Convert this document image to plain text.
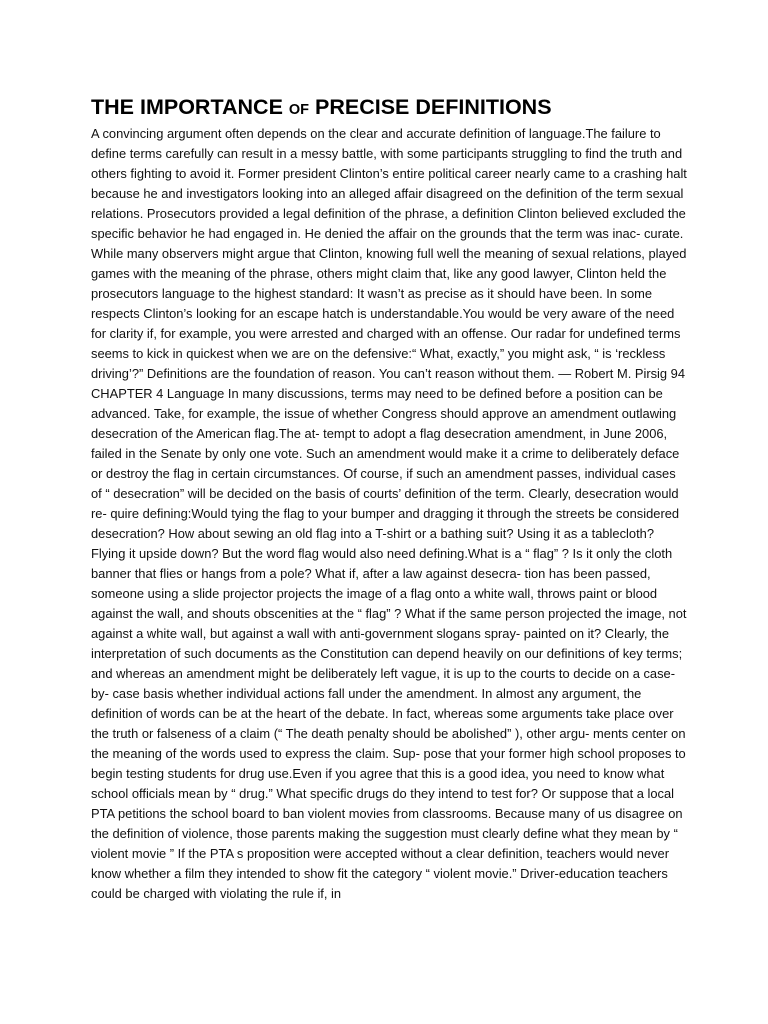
THE IMPORTANCE OF PRECISE DEFINITIONS

A convincing argument often depends on the clear and accurate definition of language.The failure to define terms carefully can result in a messy battle, with some participants struggling to find the truth and others fighting to avoid it. Former president Clinton’s entire political career nearly came to a crashing halt because he and investigators looking into an alleged affair disagreed on the definition of the term sexual relations. Prosecutors provided a legal definition of the phrase, a definition Clinton believed excluded the specific behavior he had engaged in. He denied the affair on the grounds that the term was inac- curate. While many observers might argue that Clinton, knowing full well the meaning of sexual relations, played games with the meaning of the phrase, others might claim that, like any good lawyer, Clinton held the prosecutors language to the highest standard: It wasn’t as precise as it should have been. In some respects Clinton’s looking for an escape hatch is understandable.You would be very aware of the need for clarity if, for example, you were arrested and charged with an offense. Our radar for undefined terms seems to kick in quickest when we are on the defensive:“ What, exactly,” you might ask, “ is ‘reckless driving’?” Definitions are the foundation of reason. You can’t reason without them. — Robert M. Pirsig 94 CHAPTER 4 Language In many discussions, terms may need to be defined before a position can be advanced. Take, for example, the issue of whether Congress should approve an amendment outlawing desecration of the American flag.The at- tempt to adopt a flag desecration amendment, in June 2006, failed in the Senate by only one vote. Such an amendment would make it a crime to deliberately deface or destroy the flag in certain circumstances. Of course, if such an amendment passes, individual cases of “ desecration” will be decided on the basis of courts’ definition of the term. Clearly, desecration would re- quire defining:Would tying the flag to your bumper and dragging it through the streets be considered desecration? How about sewing an old flag into a T-shirt or a bathing suit? Using it as a tablecloth? Flying it upside down? But the word flag would also need defining.What is a “ flag” ? Is it only the cloth banner that flies or hangs from a pole? What if, after a law against desecra- tion has been passed, someone using a slide projector projects the image of a flag onto a white wall, throws paint or blood against the wall, and shouts obscenities at the “ flag” ? What if the same person projected the image, not against a white wall, but against a wall with anti-government slogans spray- painted on it? Clearly, the interpretation of such documents as the Constitution can depend heavily on our definitions of key terms; and whereas an amendment might be deliberately left vague, it is up to the courts to decide on a case-by- case basis whether individual actions fall under the amendment. In almost any argument, the definition of words can be at the heart of the debate. In fact, whereas some arguments take place over the truth or falseness of a claim (“ The death penalty should be abolished” ), other argu- ments center on the meaning of the words used to express the claim. Sup- pose that your former high school proposes to begin testing students for drug use.Even if you agree that this is a good idea, you need to know what school officials mean by “ drug.” What specific drugs do they intend to test for? Or suppose that a local PTA petitions the school board to ban violent movies from classrooms. Because many of us disagree on the definition of violence, those parents making the suggestion must clearly define what they mean by “ violent movie ” If the PTA s proposition were accepted without a clear definition, teachers would never know whether a film they intended to show fit the category “ violent movie.” Driver-education teachers could be charged with violating the rule if, in
